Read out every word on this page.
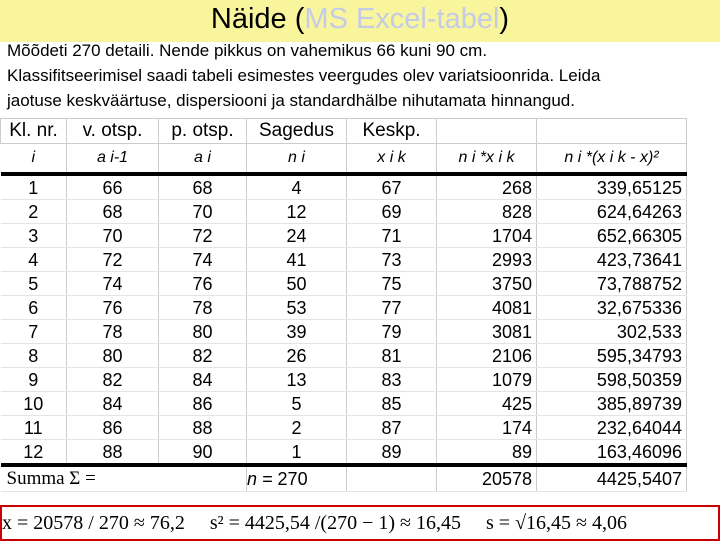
Näide (MS Excel-tabel)
Mõõdeti 270 detaili. Nende pikkus on vahemikus 66 kuni 90 cm.
Klassifitseerimisel saadi tabeli esimestes veergudes olev variatsioonrida. Leida
jaotuse keskväärtuse, dispersiooni ja standardhälbe nihutamata hinnangud.
Kl. nr.	v. otsp.	p. otsp.	Sagedus	Keskp.		
i	a i-1	a i	n i	x i k	n i *x i k	n i *(x i k - x)²
1	66	68	4	67	268	339,65125
2	68	70	12	69	828	624,64263
3	70	72	24	71	1704	652,66305
4	72	74	41	73	2993	423,73641
5	74	76	50	75	3750	73,788752
6	76	78	53	77	4081	32,675336
7	78	80	39	79	3081	302,533
8	80	82	26	81	2106	595,34793
9	82	84	13	83	1079	598,50359
10	84	86	5	85	425	385,89739
11	86	88	2	87	174	232,64044
12	88	90	1	89	89	163,46096
Summa Σ =			n = 270		20578	4425,5407
x = 20578 / 270 ≈ 76,2 s² = 4425,54 /(270 − 1) ≈ 16,45 s = √16,45 ≈ 4,06
